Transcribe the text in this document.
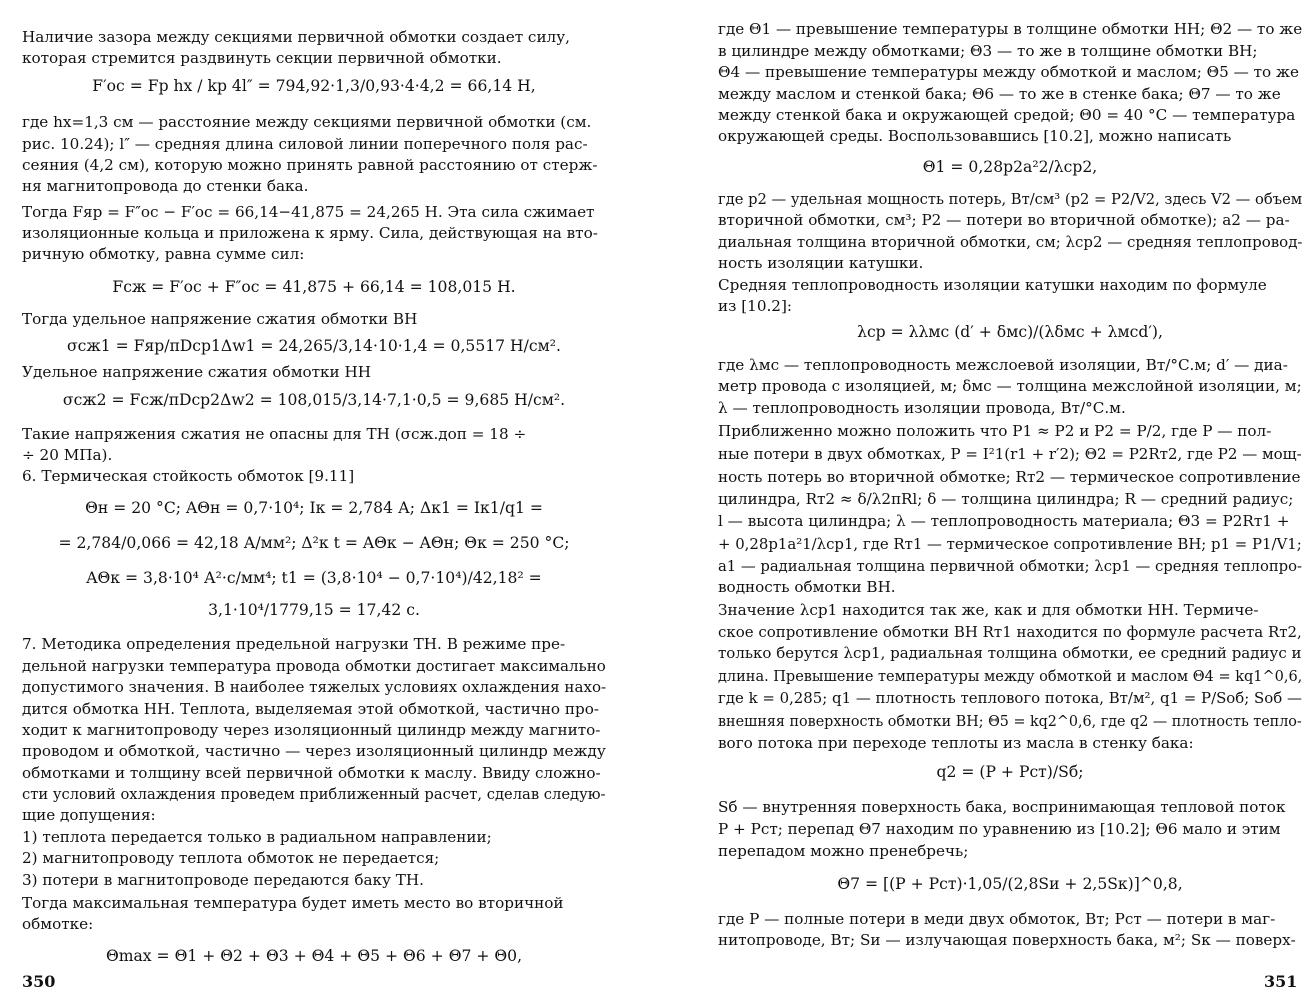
Наличие зазора между секциями первичной обмотки создает силу,
которая стремится раздвинуть секции первичной обмотки.
F′ос = Fр hx / kр 4l″ = 794,92·1,3/0,93·4·4,2 = 66,14 Н,
где hx=1,3 см — расстояние между секциями первичной обмотки (см.
рис. 10.24); l″ — средняя длина силовой линии поперечного поля рас-
сеяния (4,2 см), которую можно принять равной расстоянию от стерж-
ня магнитопровода до стенки бака.
Тогда Fяр = F″ос − F′ос = 66,14−41,875 = 24,265 Н. Эта сила сжимает
изоляционные кольца и приложена к ярму. Сила, действующая на вто-
ричную обмотку, равна сумме сил:
Fсж = F′ос + F″ос = 41,875 + 66,14 = 108,015 Н.
Тогда удельное напряжение сжатия обмотки ВН
σсж1 = Fяр/πDср1Δw1 = 24,265/3,14·10·1,4 = 0,5517 Н/см².
Удельное напряжение сжатия обмотки НН
σсж2 = Fсж/πDср2Δw2 = 108,015/3,14·7,1·0,5 = 9,685 Н/см².
Такие напряжения сжатия не опасны для ТН (σсж.доп = 18 ÷
÷ 20 МПа).
6. Термическая стойкость обмоток [9.11]
Θн = 20 °С; AΘн = 0,7·10⁴; Iк = 2,784 А; Δк1 = Iк1/q1 =
= 2,784/0,066 = 42,18 А/мм²; Δ²к t = AΘк − AΘн; Θк = 250 °С;
AΘк = 3,8·10⁴ А²·с/мм⁴; t1 = (3,8·10⁴ − 0,7·10⁴)/42,18² =
3,1·10⁴/1779,15 = 17,42 с.
7. Методика определения предельной нагрузки ТН. В режиме пре-
дельной нагрузки температура провода обмотки достигает максимально
допустимого значения. В наиболее тяжелых условиях охлаждения нахо-
дится обмотка НН. Теплота, выделяемая этой обмоткой, частично про-
ходит к магнитопроводу через изоляционный цилиндр между магнито-
проводом и обмоткой, частично — через изоляционный цилиндр между
обмотками и толщину всей первичной обмотки к маслу. Ввиду сложно-
сти условий охлаждения проведем приближенный расчет, сделав следую-
щие допущения:
1) теплота передается только в радиальном направлении;
2) магнитопроводу теплота обмоток не передается;
3) потери в магнитопроводе передаются баку ТН.
Тогда максимальная температура будет иметь место во вторичной
обмотке:
Θmax = Θ1 + Θ2 + Θ3 + Θ4 + Θ5 + Θ6 + Θ7 + Θ0,
350
где Θ1 — превышение температуры в толщине обмотки НН; Θ2 — то же
в цилиндре между обмотками; Θ3 — то же в толщине обмотки ВН;
Θ4 — превышение температуры между обмоткой и маслом; Θ5 — то же
между маслом и стенкой бака; Θ6 — то же в стенке бака; Θ7 — то же
между стенкой бака и окружающей средой; Θ0 = 40 °С — температура
окружающей среды. Воспользовавшись [10.2], можно написать
Θ1 = 0,28p2a²2/λср2,
где p2 — удельная мощность потерь, Вт/см³ (p2 = P2/V2, здесь V2 — объем
вторичной обмотки, см³; P2 — потери во вторичной обмотке); a2 — ра-
диальная толщина вторичной обмотки, см; λср2 — средняя теплопровод-
ность изоляции катушки.
Средняя теплопроводность изоляции катушки находим по формуле
из [10.2]:
λср = λλмс (d′ + δмс)/(λδмс + λмсd′),
где λмс — теплопроводность межслоевой изоляции, Вт/°С.м; d′ — диа-
метр провода с изоляцией, м; δмс — толщина межслойной изоляции, м;
λ — теплопроводность изоляции провода, Вт/°С.м.
Приближенно можно положить что P1 ≈ P2 и P2 = P/2, где P — пол-
ные потери в двух обмотках, P = I²1(r1 + r′2); Θ2 = P2Rт2, где P2 — мощ-
ность потерь во вторичной обмотке; Rт2 — термическое сопротивление
цилиндра, Rт2 ≈ δ/λ2πRl; δ — толщина цилиндра; R — средний радиус;
l — высота цилиндра; λ — теплопроводность материала; Θ3 = P2Rт1 +
+ 0,28p1a²1/λср1, где Rт1 — термическое сопротивление ВН; p1 = P1/V1;
a1 — радиальная толщина первичной обмотки; λср1 — средняя теплопро-
водность обмотки ВН.
Значение λср1 находится так же, как и для обмотки НН. Термиче-
ское сопротивление обмотки ВН Rт1 находится по формуле расчета Rт2,
только берутся λср1, радиальная толщина обмотки, ее средний радиус и
длина. Превышение температуры между обмоткой и маслом Θ4 = kq1^0,6,
где k = 0,285; q1 — плотность теплового потока, Вт/м², q1 = P/Sоб; Sоб —
внешняя поверхность обмотки ВН; Θ5 = kq2^0,6, где q2 — плотность тепло-
вого потока при переходе теплоты из масла в стенку бака:
q2 = (P + Pст)/Sб;
Sб — внутренняя поверхность бака, воспринимающая тепловой поток
P + Pст; перепад Θ7 находим по уравнению из [10.2]; Θ6 мало и этим
перепадом можно пренебречь;
Θ7 = [(P + Pст)·1,05/(2,8Sи + 2,5Sк)]^0,8,
где P — полные потери в меди двух обмоток, Вт; Pст — потери в маг-
нитопроводе, Вт; Sи — излучающая поверхность бака, м²; Sк — поверх-
351
